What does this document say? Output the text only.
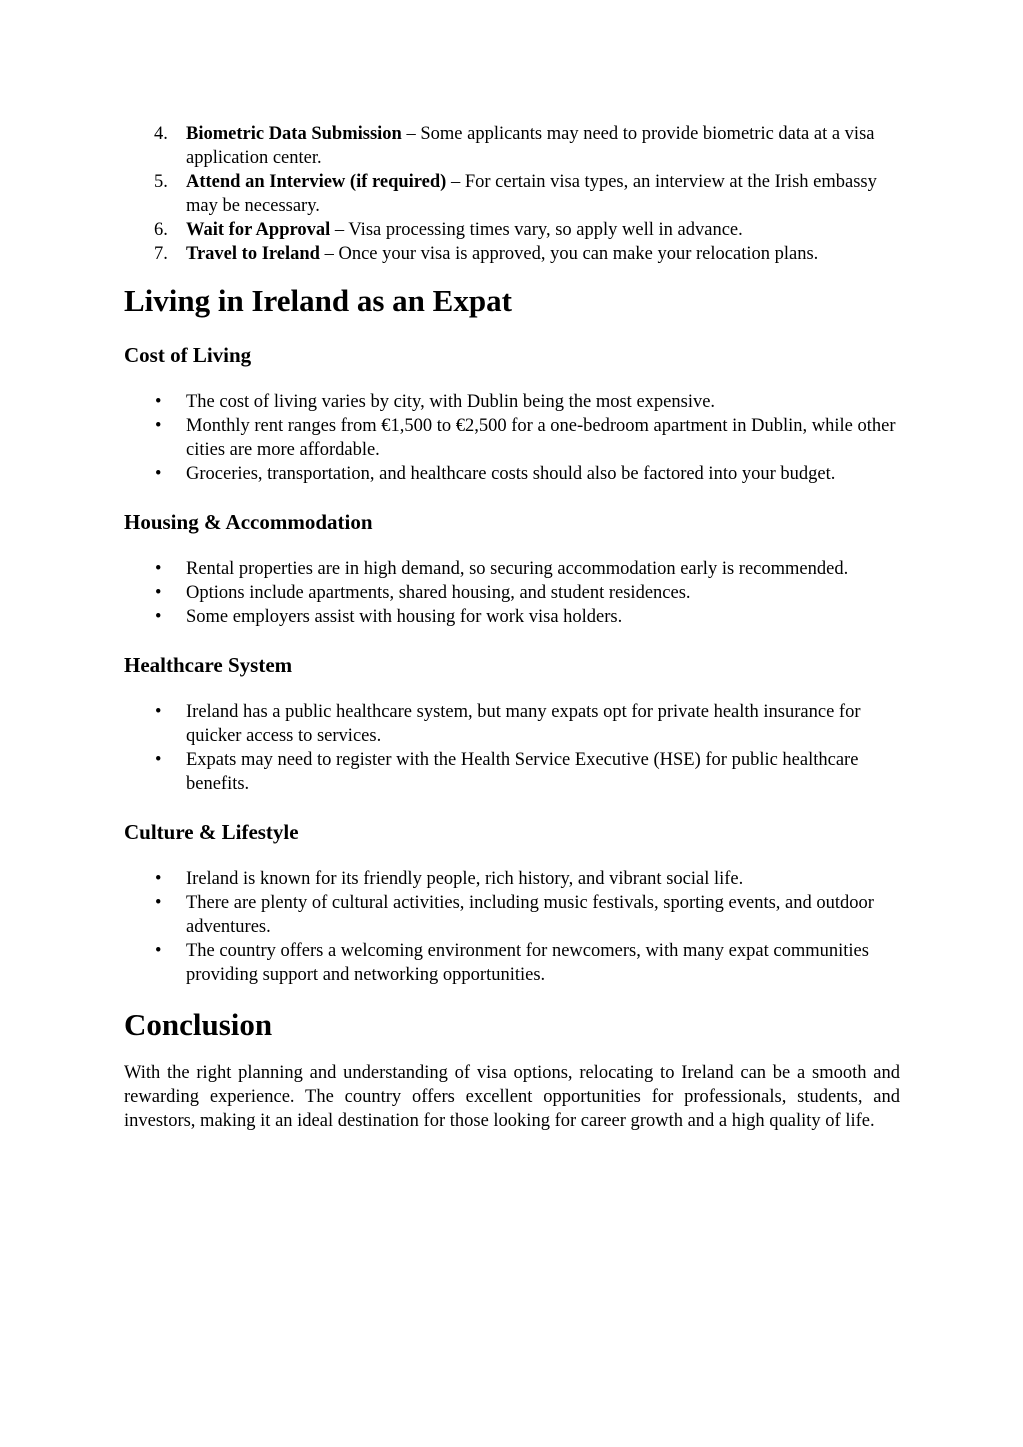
4. Biometric Data Submission – Some applicants may need to provide biometric data at a visa application center.
5. Attend an Interview (if required) – For certain visa types, an interview at the Irish embassy may be necessary.
6. Wait for Approval – Visa processing times vary, so apply well in advance.
7. Travel to Ireland – Once your visa is approved, you can make your relocation plans.
Living in Ireland as an Expat
Cost of Living
• The cost of living varies by city, with Dublin being the most expensive.
• Monthly rent ranges from €1,500 to €2,500 for a one-bedroom apartment in Dublin, while other cities are more affordable.
• Groceries, transportation, and healthcare costs should also be factored into your budget.
Housing & Accommodation
• Rental properties are in high demand, so securing accommodation early is recommended.
• Options include apartments, shared housing, and student residences.
• Some employers assist with housing for work visa holders.
Healthcare System
• Ireland has a public healthcare system, but many expats opt for private health insurance for quicker access to services.
• Expats may need to register with the Health Service Executive (HSE) for public healthcare benefits.
Culture & Lifestyle
• Ireland is known for its friendly people, rich history, and vibrant social life.
• There are plenty of cultural activities, including music festivals, sporting events, and outdoor adventures.
• The country offers a welcoming environment for newcomers, with many expat communities providing support and networking opportunities.
Conclusion

With the right planning and understanding of visa options, relocating to Ireland can be a smooth and rewarding experience. The country offers excellent opportunities for professionals, students, and investors, making it an ideal destination for those looking for career growth and a high quality of life.
